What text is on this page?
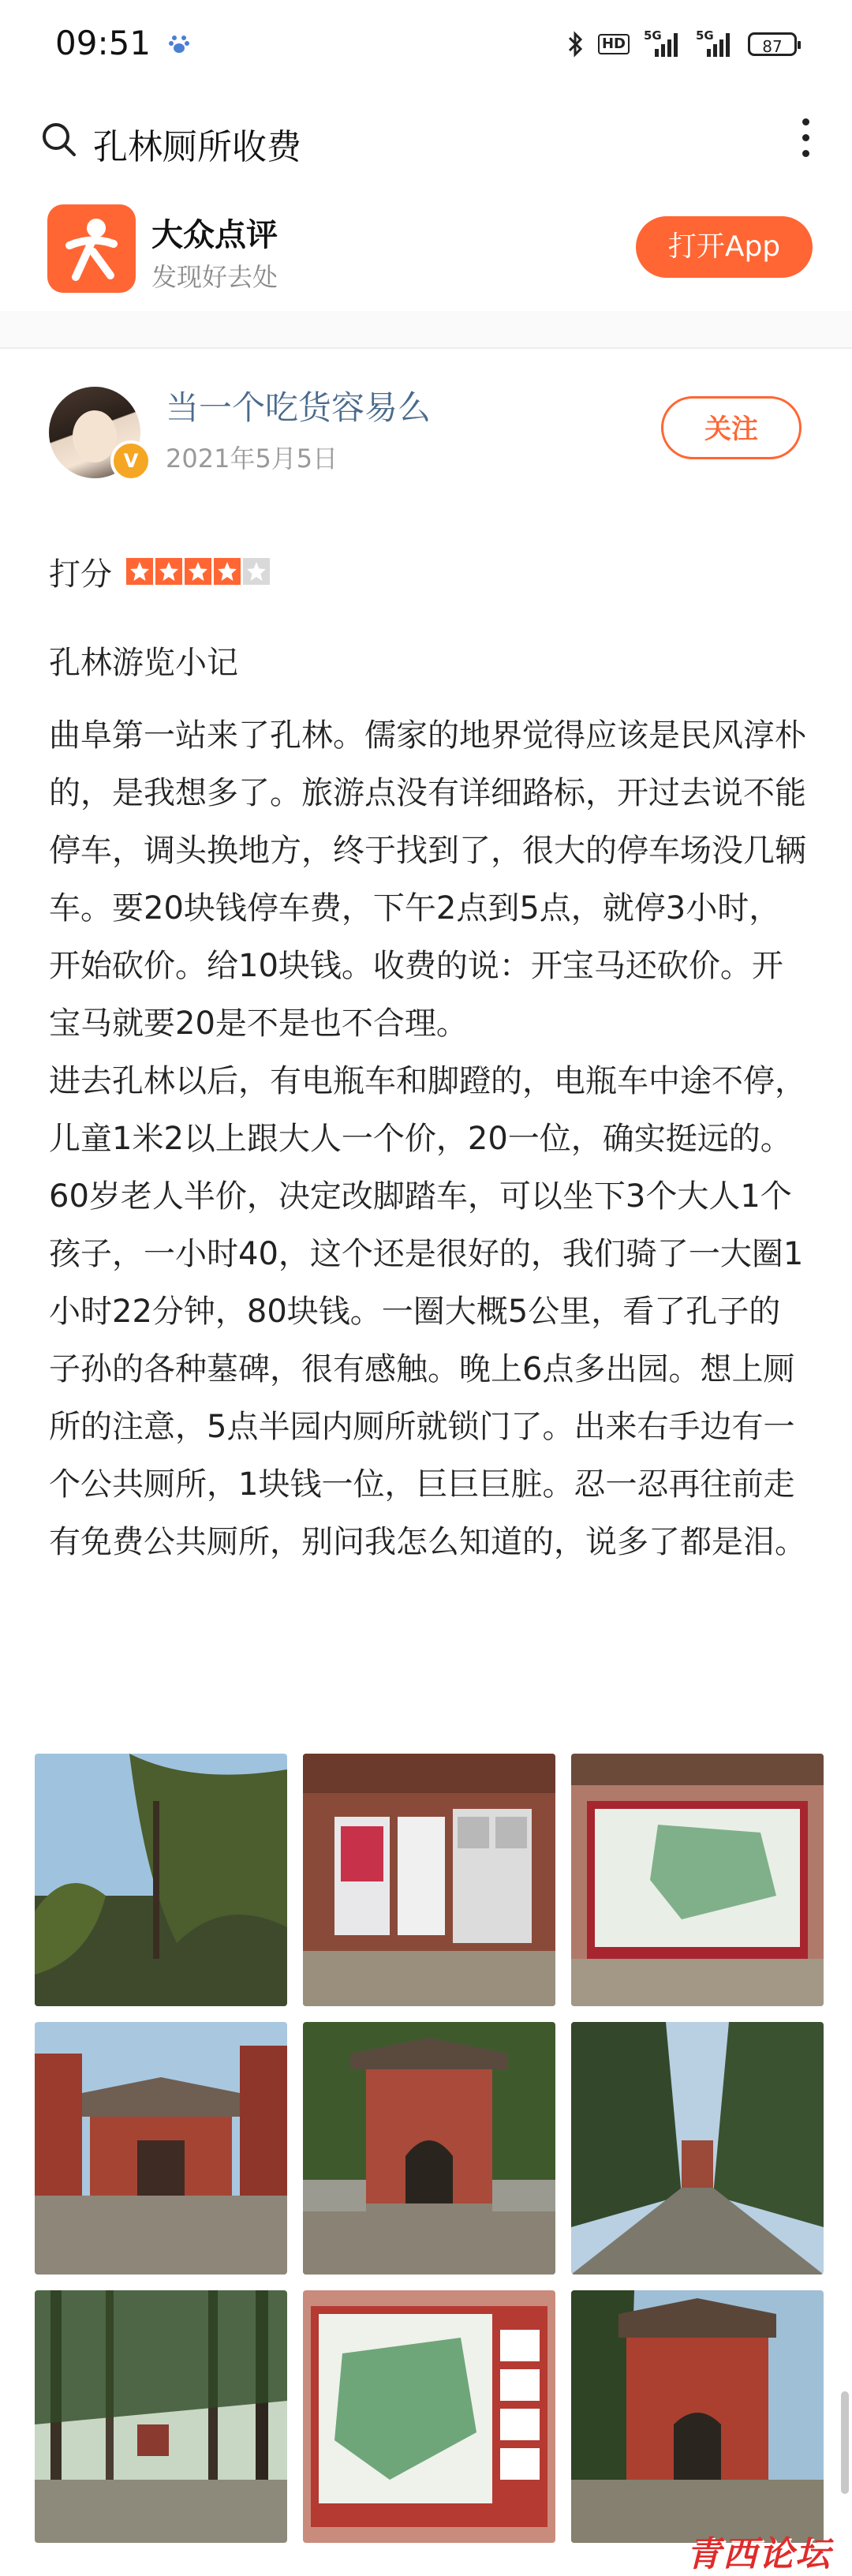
09:51	HD	5G	5G
87
孔林厕所收费
大众点评
发现好去处
打开App
V
当一个吃货容易么
2021年5月5日
关注
打分
孔林游览小记

曲阜第一站来了孔林。儒家的地界觉得应该是民风淳朴的，是我想多了。旅游点没有详细路标，开过去说不能停车，调头换地方，终于找到了，很大的停车场没几辆车。要20块钱停车费，下午2点到5点，就停3小时，开始砍价。给10块钱。收费的说：开宝马还砍价。开宝马就要20是不是也不合理。

进去孔林以后，有电瓶车和脚蹬的，电瓶车中途不停，儿童1米2以上跟大人一个价，20一位，确实挺远的。60岁老人半价，决定改脚踏车，可以坐下3个大人1个孩子，一小时40，这个还是很好的，我们骑了一大圈1小时22分钟，80块钱。一圈大概5公里，看了孔子的子孙的各种墓碑，很有感触。晚上6点多出园。想上厕所的注意，5点半园内厕所就锁门了。出来右手边有一个公共厕所，1块钱一位，巨巨巨脏。忍一忍再往前走有免费公共厕所，别问我怎么知道的，说多了都是泪。

青西论坛
